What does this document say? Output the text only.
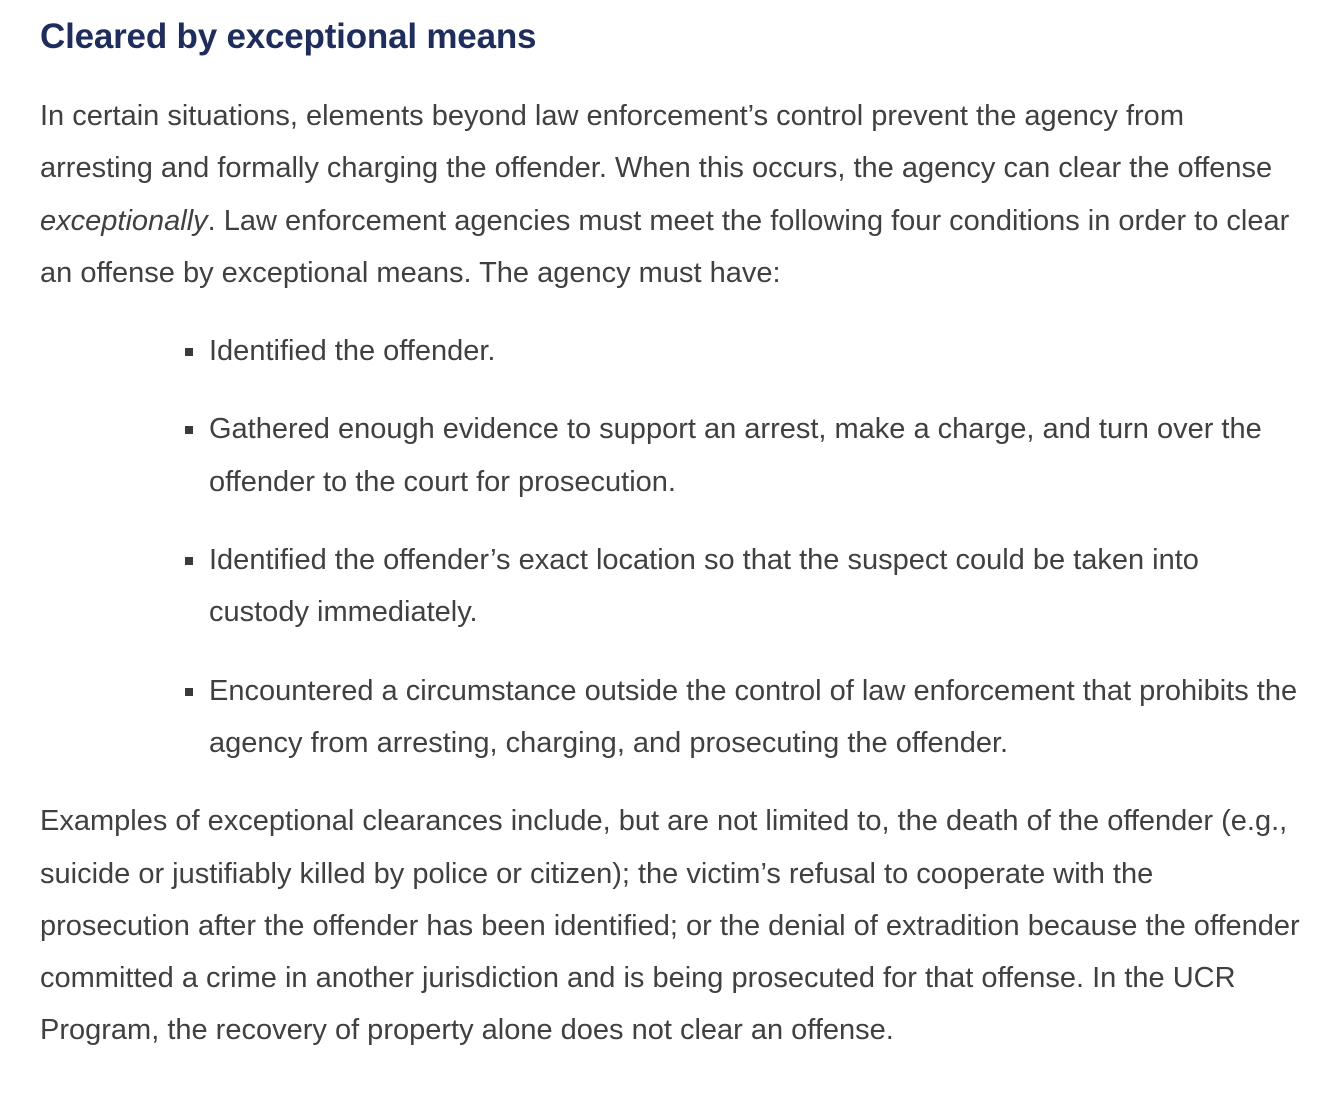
Cleared by exceptional means

In certain situations, elements beyond law enforcement’s control prevent the agency from arresting and formally charging the offender. When this occurs, the agency can clear the offense exceptionally. Law enforcement agencies must meet the following four conditions in order to clear an offense by exceptional means. The agency must have:

Identified the offender.
Gathered enough evidence to support an arrest, make a charge, and turn over the offender to the court for prosecution.
Identified the offender’s exact location so that the suspect could be taken into custody immediately.
Encountered a circumstance outside the control of law enforcement that prohibits the agency from arresting, charging, and prosecuting the offender.

Examples of exceptional clearances include, but are not limited to, the death of the offender (e.g., suicide or justifiably killed by police or citizen); the victim’s refusal to cooperate with the prosecution after the offender has been identified; or the denial of extradition because the offender committed a crime in another jurisdiction and is being prosecuted for that offense. In the UCR Program, the recovery of property alone does not clear an offense.
